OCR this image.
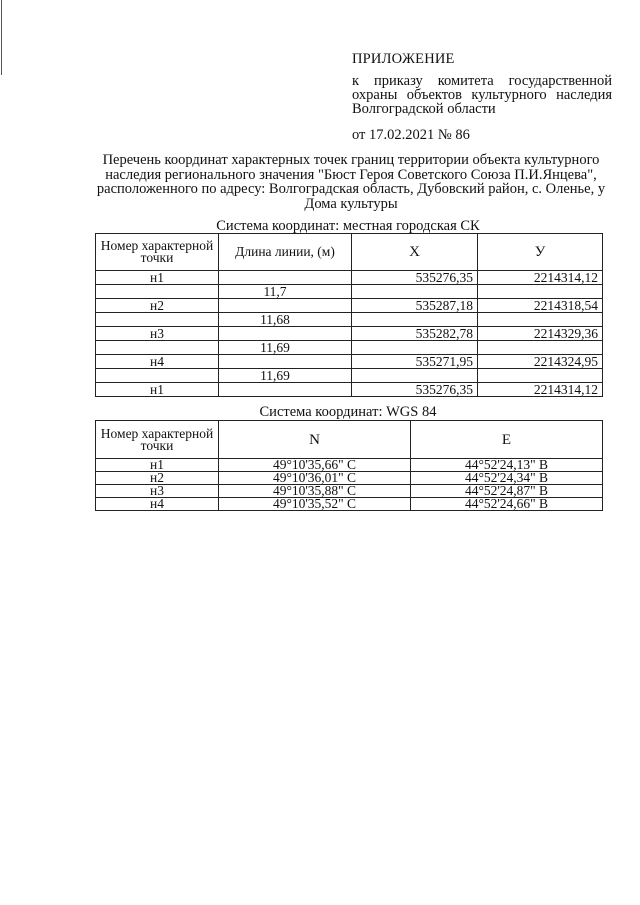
ПРИЛОЖЕНИЕ
к приказу комитета государственной охраны объектов культурного наследия Волгоградской области
от 17.02.2021 № 86
Перечень координат характерных точек границ территории объекта культурного наследия регионального значения "Бюст Героя Советского Союза П.И.Янцева", расположенного по адресу: Волгоградская область, Дубовский район, с. Оленье, у Дома культуры
Система координат: местная городская СК
Номер характерной точки	Длина линии, (м)	X	У
н1		535276,35	2214314,12
	11,7		
н2		535287,18	2214318,54
	11,68		
н3		535282,78	2214329,36
	11,69		
н4		535271,95	2214324,95
	11,69		
н1		535276,35	2214314,12
Система координат: WGS 84
Номер характерной точки	N	E
н1	49°10'35,66" С	44°52'24,13" В
н2	49°10'36,01" С	44°52'24,34" В
н3	49°10'35,88" С	44°52'24,87" В
н4	49°10'35,52" С	44°52'24,66" В
